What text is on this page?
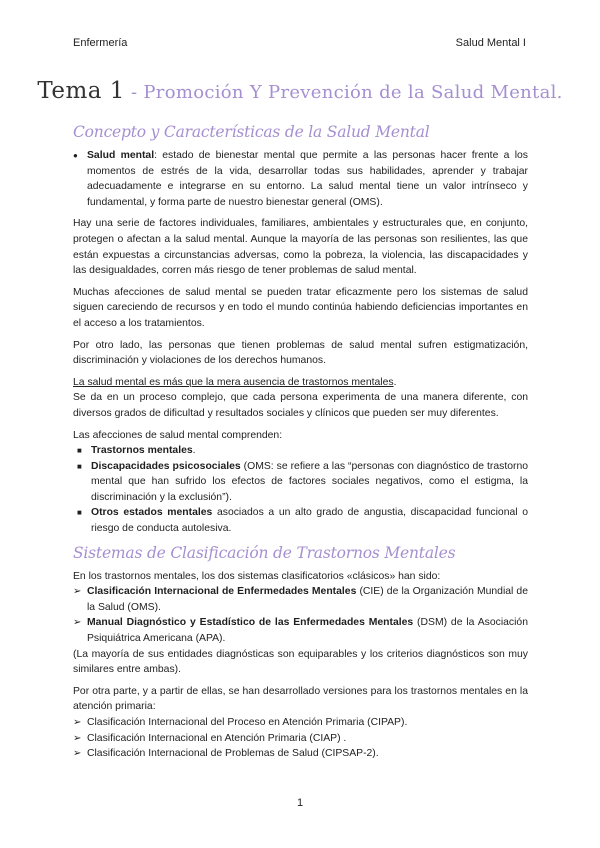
Enfermería	Salud Mental I
Tema 1 - Promoción Y Prevención de la Salud Mental.
Concepto y Características de la Salud Mental
● Salud mental: estado de bienestar mental que permite a las personas hacer frente a los momentos de estrés de la vida, desarrollar todas sus habilidades, aprender y trabajar adecuadamente e integrarse en su entorno. La salud mental tiene un valor intrínseco y fundamental, y forma parte de nuestro bienestar general (OMS).

Hay una serie de factores individuales, familiares, ambientales y estructurales que, en conjunto, protegen o afectan a la salud mental. Aunque la mayoría de las personas son resilientes, las que están expuestas a circunstancias adversas, como la pobreza, la violencia, las discapacidades y las desigualdades, corren más riesgo de tener problemas de salud mental.

Muchas afecciones de salud mental se pueden tratar eficazmente pero los sistemas de salud siguen careciendo de recursos y en todo el mundo continúa habiendo deficiencias importantes en el acceso a los tratamientos.

Por otro lado, las personas que tienen problemas de salud mental sufren estigmatización, discriminación y violaciones de los derechos humanos.

La salud mental es más que la mera ausencia de trastornos mentales.

Se da en un proceso complejo, que cada persona experimenta de una manera diferente, con diversos grados de dificultad y resultados sociales y clínicos que pueden ser muy diferentes.

Las afecciones de salud mental comprenden:

■ Trastornos mentales.
■ Discapacidades psicosociales (OMS: se refiere a las “personas con diagnóstico de trastorno mental que han sufrido los efectos de factores sociales negativos, como el estigma, la discriminación y la exclusión”).
■ Otros estados mentales asociados a un alto grado de angustia, discapacidad funcional o riesgo de conducta autolesiva.
Sistemas de Clasificación de Trastornos Mentales

En los trastornos mentales, los dos sistemas clasificatorios «clásicos» han sido:

➢ Clasificación Internacional de Enfermedades Mentales (CIE) de la Organización Mundial de la Salud (OMS).
➢ Manual Diagnóstico y Estadístico de las Enfermedades Mentales (DSM) de la Asociación Psiquiátrica Americana (APA).

(La mayoría de sus entidades diagnósticas son equiparables y los criterios diagnósticos son muy similares entre ambas).

Por otra parte, y a partir de ellas, se han desarrollado versiones para los trastornos mentales en la atención primaria:

➢ Clasificación Internacional del Proceso en Atención Primaria (CIPAP).
➢ Clasificación Internacional en Atención Primaria (CIAP) .
➢ Clasificación Internacional de Problemas de Salud (CIPSAP-2).
1
